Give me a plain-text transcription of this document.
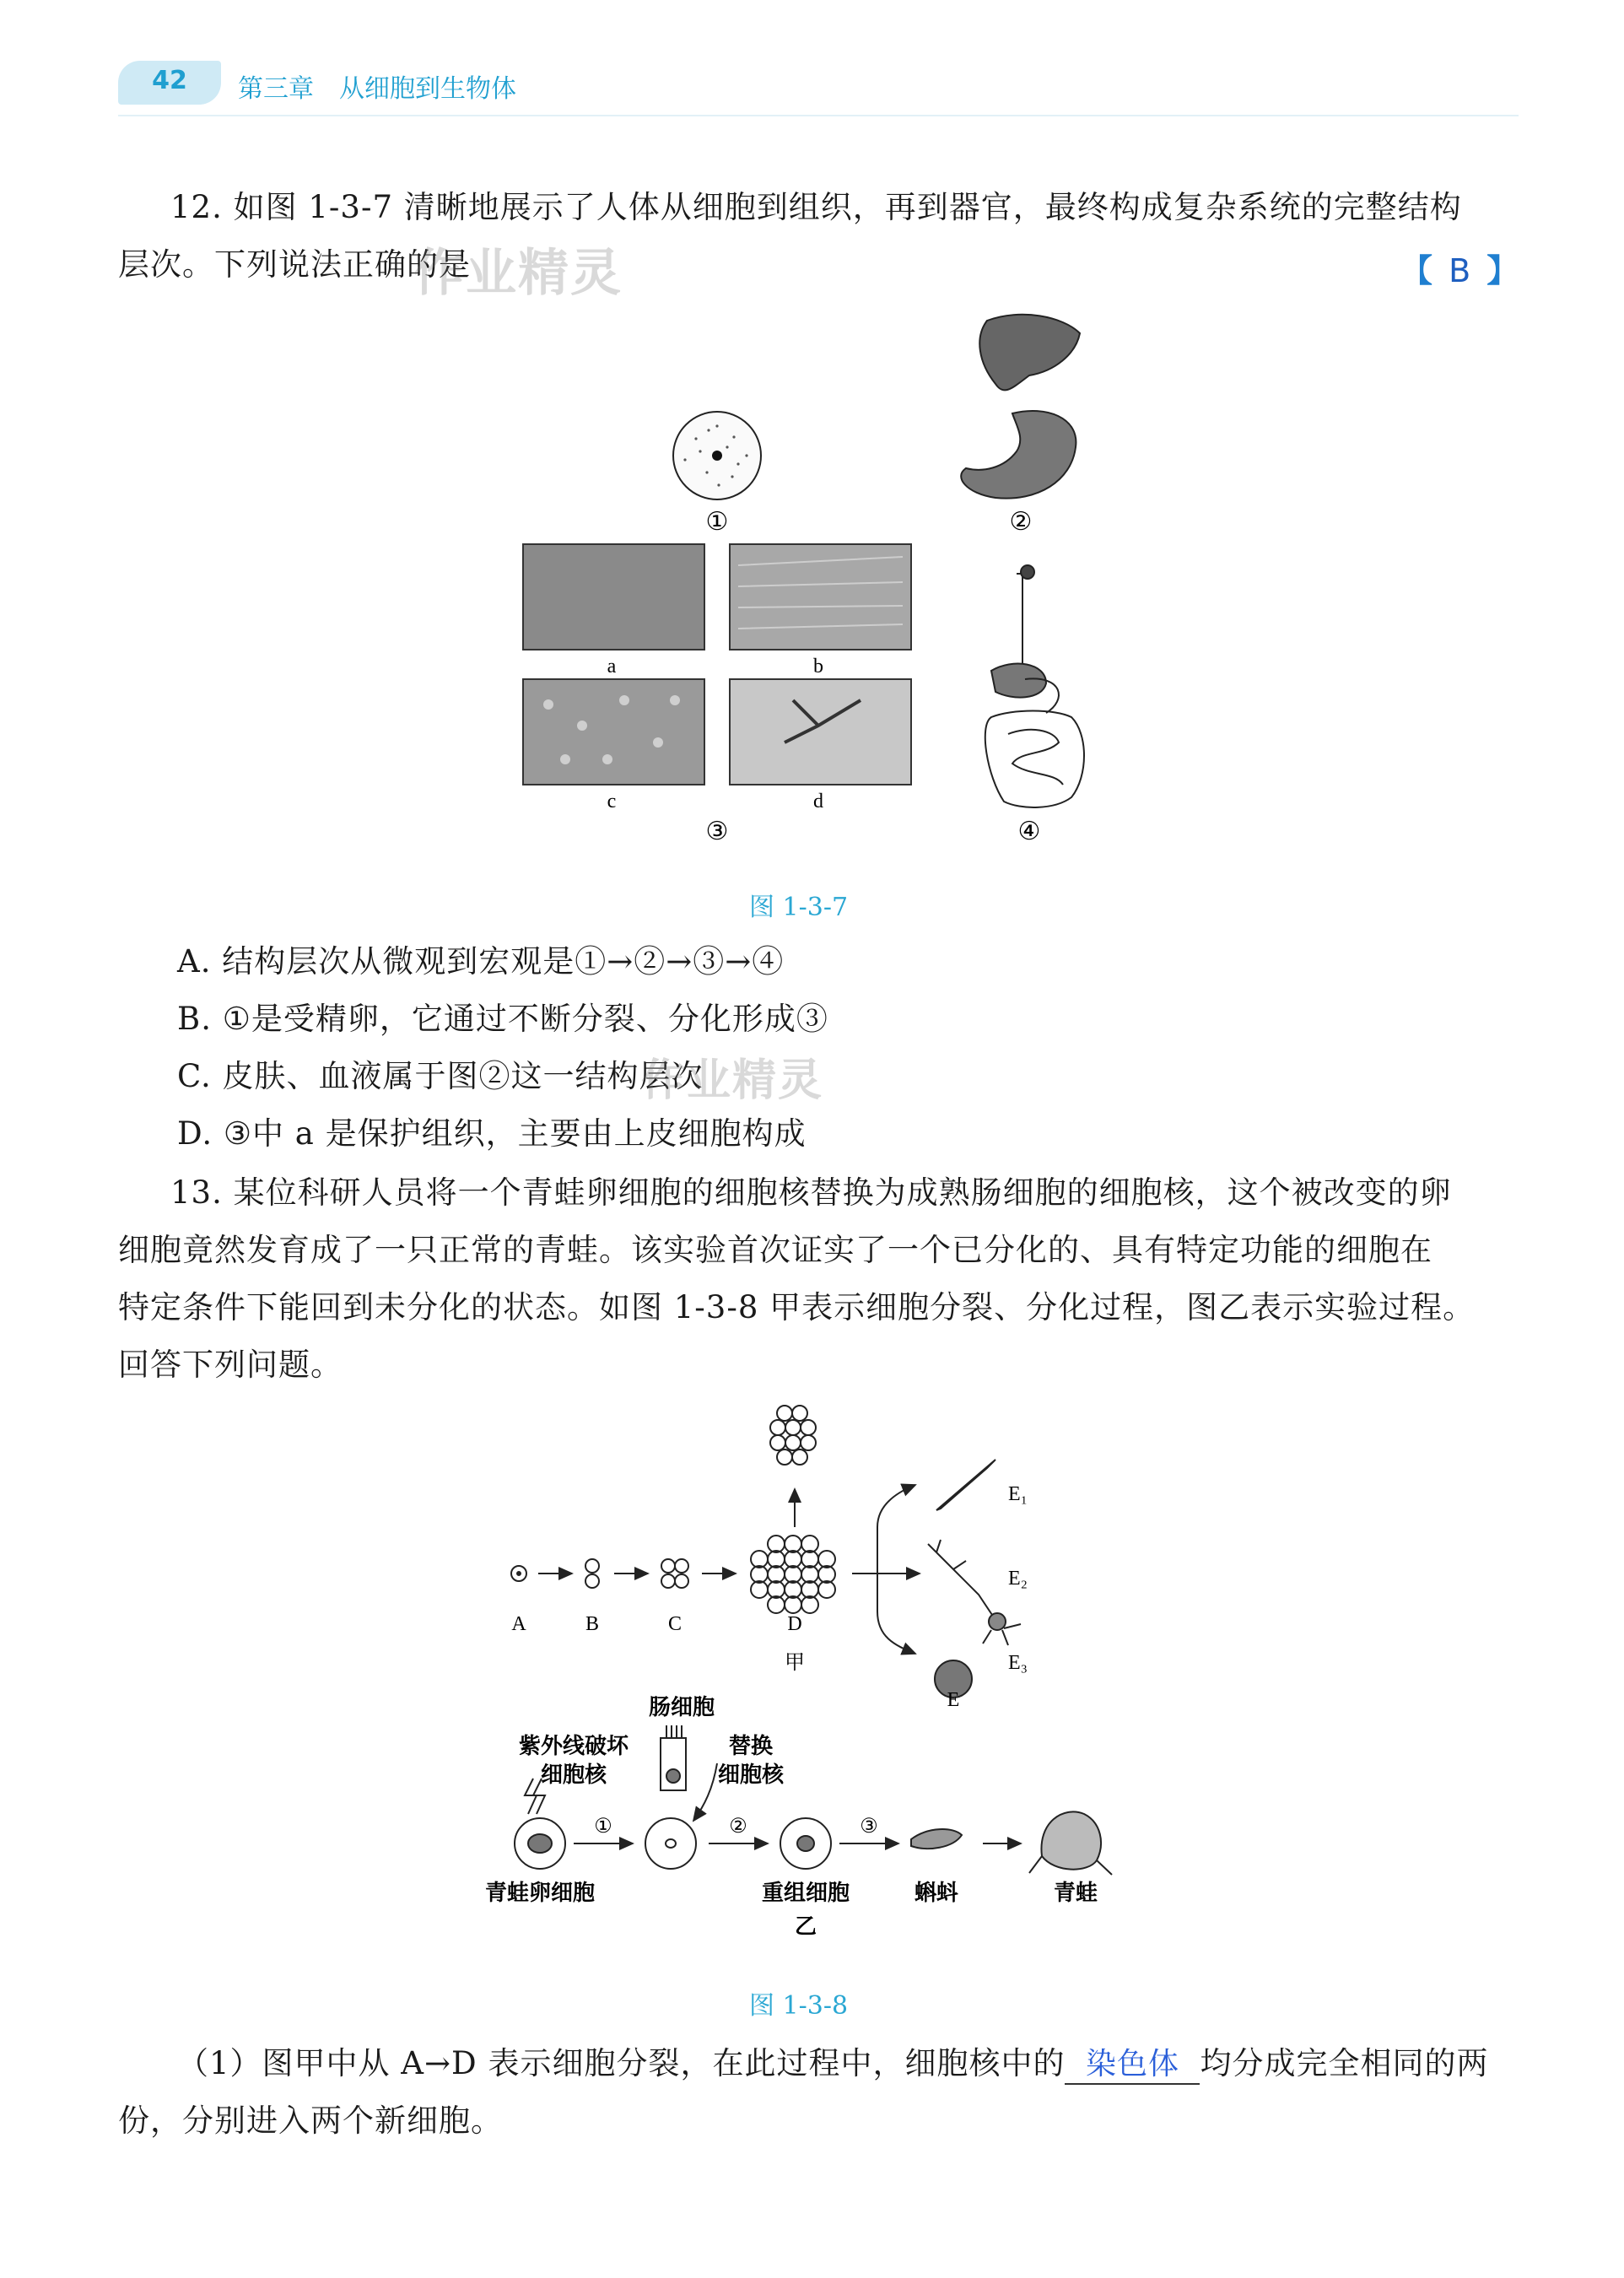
42	第三章　从细胞到生物体
12. 如图 1-3-7 清晰地展示了人体从细胞到组织，再到器官，最终构成复杂系统的完整结构
层次。下列说法正确的是
作业精灵	【 B 】
①	②
③	④
a	b
c	d
图 1-3-7
A. 结构层次从微观到宏观是①→②→③→④
B. ①是受精卵，它通过不断分裂、分化形成③
C. 皮肤、血液属于图②这一结构层次
作业精灵
D. ③中 a 是保护组织，主要由上皮细胞构成
13. 某位科研人员将一个青蛙卵细胞的细胞核替换为成熟肠细胞的细胞核，这个被改变的卵
细胞竟然发育成了一只正常的青蛙。该实验首次证实了一个已分化的、具有特定功能的细胞在
特定条件下能回到未分化的状态。如图 1-3-8 甲表示细胞分裂、分化过程，图乙表示实验过程。
回答下列问题。
A	B	C	D
甲
E₁
E₂
E₃
E
紫外线破坏
细胞核
肠细胞
替换
细胞核
①	②	③
青蛙卵细胞	重组细胞	蝌蚪	青蛙
乙
图 1-3-8
（1）图甲中从 A→D 表示细胞分裂，在此过程中，细胞核中的 染色体 均分成完全相同的两
份，分别进入两个新细胞。
